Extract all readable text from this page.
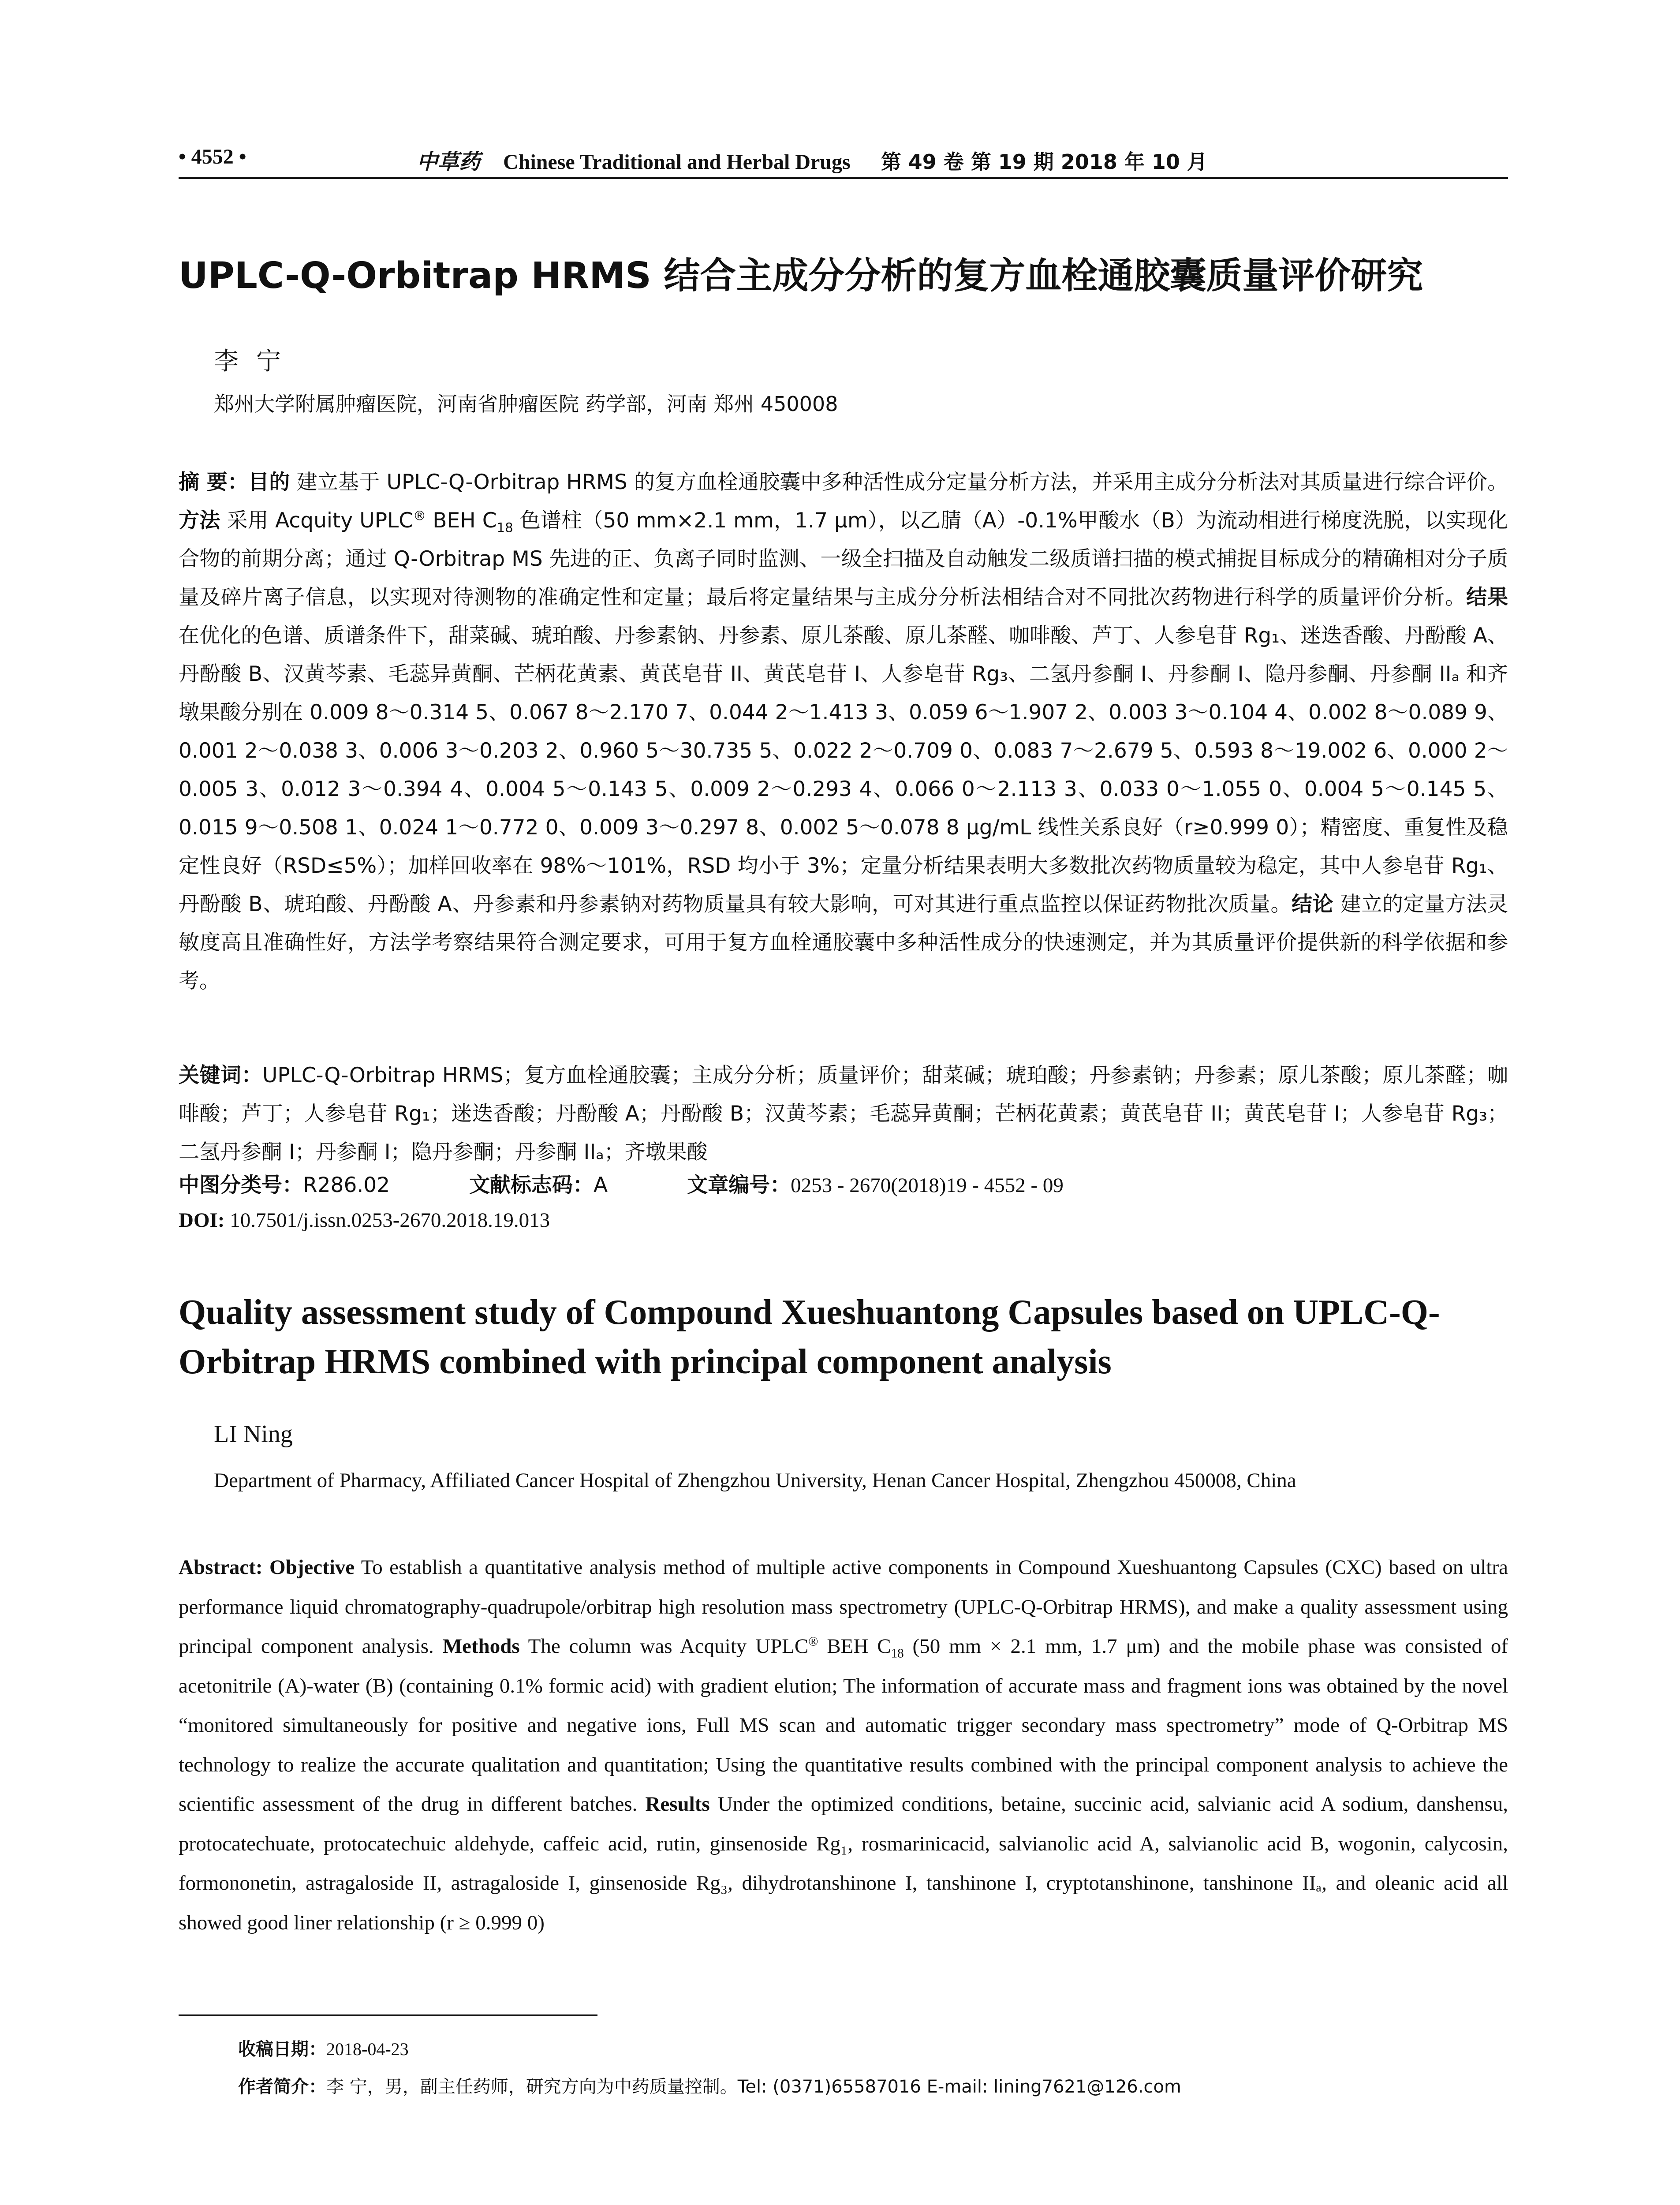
• 4552 •	中草药 Chinese Traditional and Herbal Drugs 第 49 卷 第 19 期 2018 年 10 月
UPLC-Q-Orbitrap HRMS 结合主成分分析的复方血栓通胶囊质量评价研究
李宁
郑州大学附属肿瘤医院，河南省肿瘤医院 药学部，河南 郑州 450008
摘 要：目的 建立基于 UPLC-Q-Orbitrap HRMS 的复方血栓通胶囊中多种活性成分定量分析方法，并采用主成分分析法对其质量进行综合评价。方法 采用 Acquity UPLC® BEH $C_{18}$ 色谱柱（50 mm×2.1 mm，1.7 μm），以乙腈（A）-0.1%甲酸水（B）为流动相进行梯度洗脱，以实现化合物的前期分离；通过 Q-Orbitrap MS 先进的正、负离子同时监测、一级全扫描及自动触发二级质谱扫描的模式捕捉目标成分的精确相对分子质量及碎片离子信息，以实现对待测物的准确定性和定量；最后将定量结果与主成分分析法相结合对不同批次药物进行科学的质量评价分析。结果 在优化的色谱、质谱条件下，甜菜碱、琥珀酸、丹参素钠、丹参素、原儿茶酸、原儿茶醛、咖啡酸、芦丁、人参皂苷 Rg₁、迷迭香酸、丹酚酸 A、丹酚酸 B、汉黄芩素、毛蕊异黄酮、芒柄花黄素、黄芪皂苷 II、黄芪皂苷 I、人参皂苷 Rg₃、二氢丹参酮 I、丹参酮 I、隐丹参酮、丹参酮 IIₐ 和齐墩果酸分别在 0.009 8～0.314 5、0.067 8～2.170 7、0.044 2～1.413 3、0.059 6～1.907 2、0.003 3～0.104 4、0.002 8～0.089 9、0.001 2～0.038 3、0.006 3～0.203 2、0.960 5～30.735 5、0.022 2～0.709 0、0.083 7～2.679 5、0.593 8～19.002 6、0.000 2～0.005 3、0.012 3～0.394 4、0.004 5～0.143 5、0.009 2～0.293 4、0.066 0～2.113 3、0.033 0～1.055 0、0.004 5～0.145 5、0.015 9～0.508 1、0.024 1～0.772 0、0.009 3～0.297 8、0.002 5～0.078 8 μg/mL 线性关系良好（r≥0.999 0）；精密度、重复性及稳定性良好（RSD≤5%）；加样回收率在 98%～101%，RSD 均小于 3%；定量分析结果表明大多数批次药物质量较为稳定，其中人参皂苷 Rg₁、丹酚酸 B、琥珀酸、丹酚酸 A、丹参素和丹参素钠对药物质量具有较大影响，可对其进行重点监控以保证药物批次质量。结论 建立的定量方法灵敏度高且准确性好，方法学考察结果符合测定要求，可用于复方血栓通胶囊中多种活性成分的快速测定，并为其质量评价提供新的科学依据和参考。
关键词：UPLC-Q-Orbitrap HRMS；复方血栓通胶囊；主成分分析；质量评价；甜菜碱；琥珀酸；丹参素钠；丹参素；原儿茶酸；原儿茶醛；咖啡酸；芦丁；人参皂苷 Rg₁；迷迭香酸；丹酚酸 A；丹酚酸 B；汉黄芩素；毛蕊异黄酮；芒柄花黄素；黄芪皂苷 II；黄芪皂苷 I；人参皂苷 Rg₃；二氢丹参酮 I；丹参酮 I；隐丹参酮；丹参酮 IIₐ；齐墩果酸
中图分类号：R286.02	文献标志码：A	文章编号：0253 - 2670(2018)19 - 4552 - 09
DOI: 10.7501/j.issn.0253-2670.2018.19.013
Quality assessment study of Compound Xueshuantong Capsules based on UPLC-Q-Orbitrap HRMS combined with principal component analysis
LI Ning
Department of Pharmacy, Affiliated Cancer Hospital of Zhengzhou University, Henan Cancer Hospital, Zhengzhou 450008, China
Abstract: Objective To establish a quantitative analysis method of multiple active components in Compound Xueshuantong Capsules (CXC) based on ultra performance liquid chromatography-quadrupole/orbitrap high resolution mass spectrometry (UPLC-Q-Orbitrap HRMS), and make a quality assessment using principal component analysis. Methods The column was Acquity UPLC® BEH $C_{18}$ (50 mm × 2.1 mm, 1.7 μm) and the mobile phase was consisted of acetonitrile (A)-water (B) (containing 0.1% formic acid) with gradient elution; The information of accurate mass and fragment ions was obtained by the novel “monitored simultaneously for positive and negative ions, Full MS scan and automatic trigger secondary mass spectrometry” mode of Q-Orbitrap MS technology to realize the accurate qualitation and quantitation; Using the quantitative results combined with the principal component analysis to achieve the scientific assessment of the drug in different batches. Results Under the optimized conditions, betaine, succinic acid, salvianic acid A sodium, danshensu, protocatechuate, protocatechuic aldehyde, caffeic acid, rutin, ginsenoside Rg₁, rosmarinicacid, salvianolic acid A, salvianolic acid B, wogonin, calycosin, formononetin, astragaloside II, astragaloside I, ginsenoside Rg₃, dihydrotanshinone I, tanshinone I, cryptotanshinone, tanshinone IIₐ, and oleanic acid all showed good liner relationship (r ≥ 0.999 0)
收稿日期：2018-04-23
作者简介：李 宁，男，副主任药师，研究方向为中药质量控制。Tel: (0371)65587016 E-mail: lining7621@126.com
